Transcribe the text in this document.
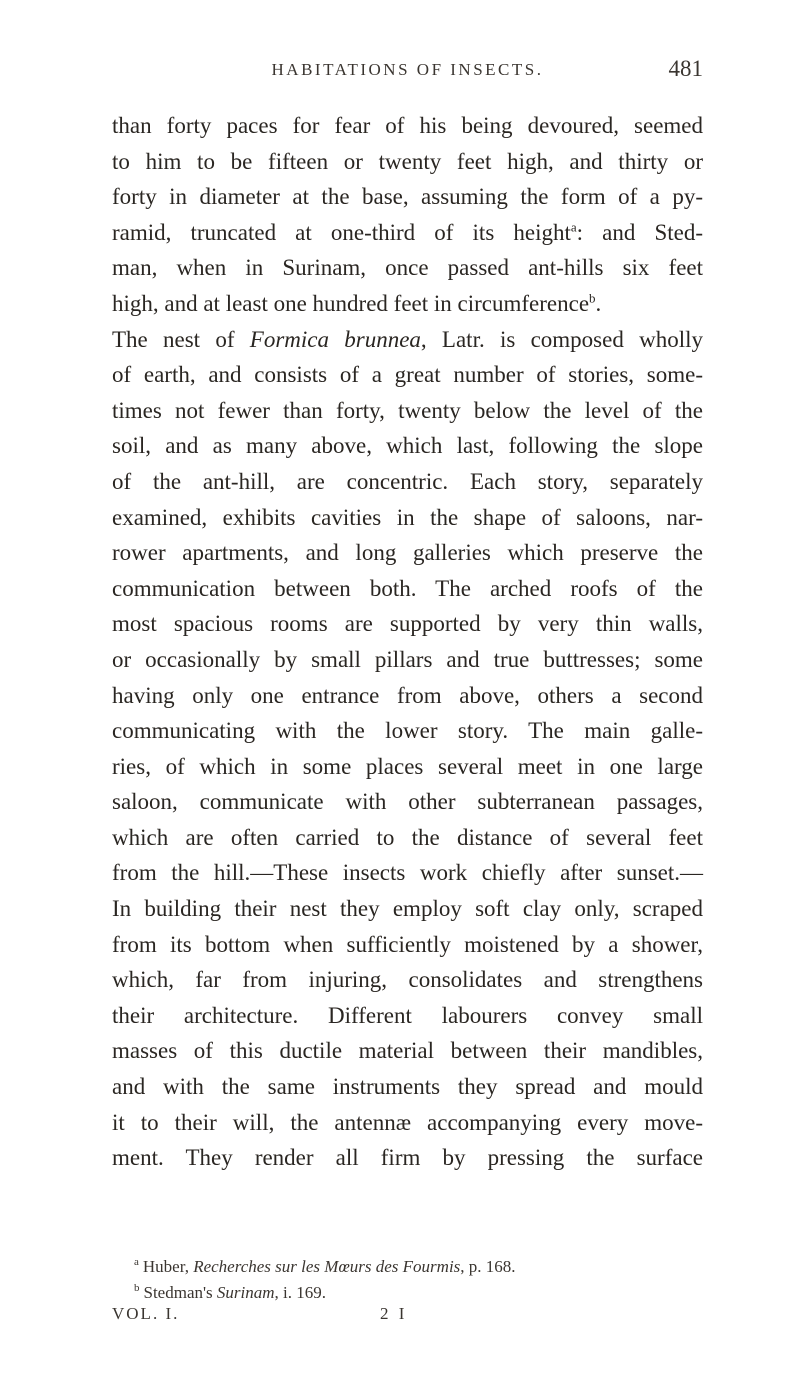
HABITATIONS OF INSECTS.	481
than forty paces for fear of his being devoured, seemed
to him to be fifteen or twenty feet high, and thirty or
forty in diameter at the base, assuming the form of a py-
ramid, truncated at one-third of its height$^a$: and Sted-
man, when in Surinam, once passed ant-hills six feet
high, and at least one hundred feet in circumference$^b$.
The nest of Formica brunnea, Latr. is composed wholly
of earth, and consists of a great number of stories, some-
times not fewer than forty, twenty below the level of the
soil, and as many above, which last, following the slope
of the ant-hill, are concentric. Each story, separately
examined, exhibits cavities in the shape of saloons, nar-
rower apartments, and long galleries which preserve the
communication between both. The arched roofs of the
most spacious rooms are supported by very thin walls,
or occasionally by small pillars and true buttresses; some
having only one entrance from above, others a second
communicating with the lower story. The main galle-
ries, of which in some places several meet in one large
saloon, communicate with other subterranean passages,
which are often carried to the distance of several feet
from the hill.—These insects work chiefly after sunset.—
In building their nest they employ soft clay only, scraped
from its bottom when sufficiently moistened by a shower,
which, far from injuring, consolidates and strengthens
their architecture. Different labourers convey small
masses of this ductile material between their mandibles,
and with the same instruments they spread and mould
it to their will, the antennæ accompanying every move-
ment. They render all firm by pressing the surface
$^a$ Huber, Recherches sur les Mœurs des Fourmis, p. 168.
$^b$ Stedman's Surinam, i. 169.
VOL. I.	2 I
